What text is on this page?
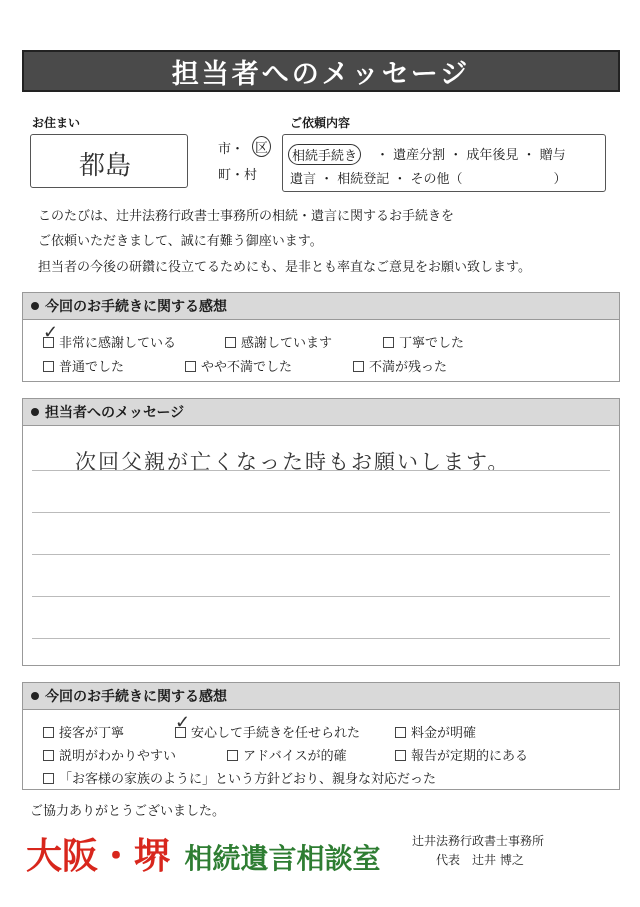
担当者へのメッセージ
お住まい
都島
市・ 区
町・村
ご依頼内容
相続手続き	・ 遺産分割 ・ 成年後見 ・ 贈与
遺言 ・ 相続登記 ・ その他（　　　　　　　）
このたびは、辻井法務行政書士事務所の相続・遺言に関するお手続きを
ご依頼いただきまして、誠に有難う御座います。
担当者の今後の研鑽に役立てるためにも、是非とも率直なご意見をお願い致します。
今回のお手続きに関する感想
非常に感謝している	感謝しています	丁寧でした
普通でした	やや不満でした	不満が残った
✓
担当者へのメッセージ
次回父親が亡くなった時もお願いします。
今回のお手続きに関する感想
接客が丁寧	安心して手続きを任せられた	料金が明確
説明がわかりやすい	アドバイスが的確	報告が定期的にある
「お客様の家族のように」という方針どおり、親身な対応だった
✓
ご協力ありがとうございました。
大阪・堺 相続遺言相談室
辻井法務行政書士事務所
代表　辻井 博之
